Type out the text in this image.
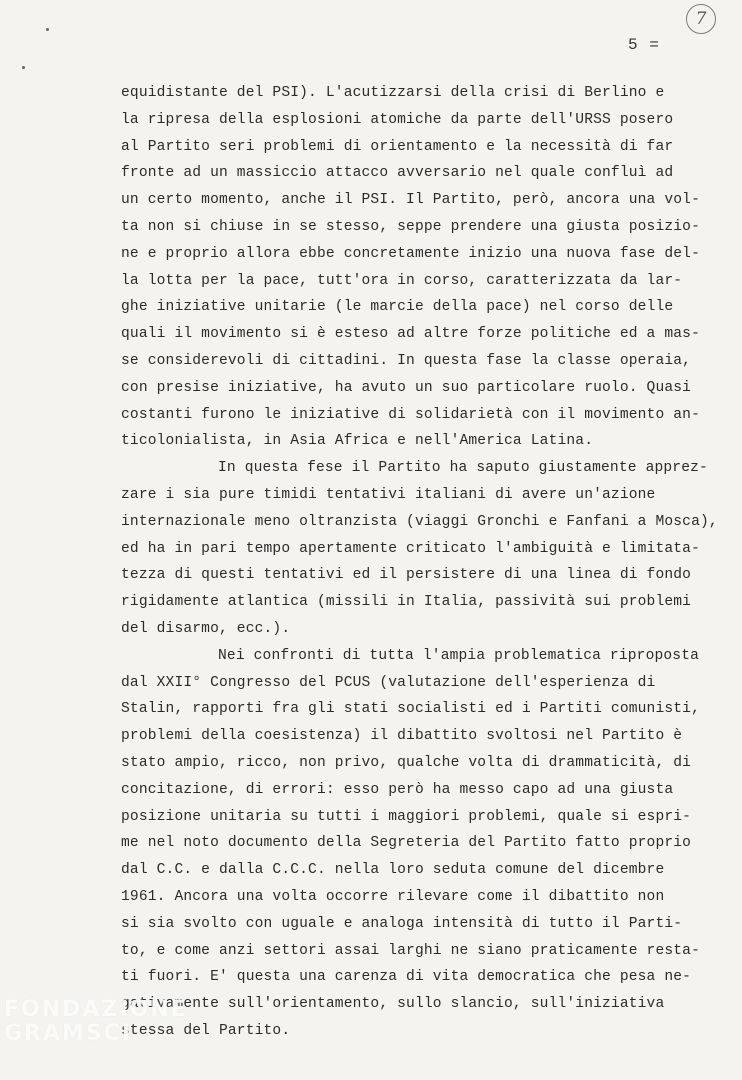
7
5 =
equidistante del PSI). L'acutizzarsi della crisi di Berlino e
la ripresa della esplosioni atomiche da parte dell'URSS posero
al Partito seri problemi di orientamento e la necessità di far
fronte ad un massiccio attacco avversario nel quale confluì ad
un certo momento, anche il PSI. Il Partito, però, ancora una vol-
ta non si chiuse in se stesso, seppe prendere una giusta posizio-
ne e proprio allora ebbe concretamente inizio una nuova fase del-
la lotta per la pace, tutt'ora in corso, caratterizzata da lar-
ghe iniziative unitarie (le marcie della pace) nel corso delle
quali il movimento si è esteso ad altre forze politiche ed a mas-
se considerevoli di cittadini. In questa fase la classe operaia,
con presise iniziative, ha avuto un suo particolare ruolo. Quasi
costanti furono le iniziative di solidarietà con il movimento an-
ticolonialista, in Asia Africa e nell'America Latina.
In questa fese il Partito ha saputo giustamente apprez-
zare i sia pure timidi tentativi italiani di avere un'azione
internazionale meno oltranzista (viaggi Gronchi e Fanfani a Mosca),
ed ha in pari tempo apertamente criticato l'ambiguità e limitata-
tezza di questi tentativi ed il persistere di una linea di fondo
rigidamente atlantica (missili in Italia, passività sui problemi
del disarmo, ecc.).
Nei confronti di tutta l'ampia problematica riproposta
dal XXII° Congresso del PCUS (valutazione dell'esperienza di
Stalin, rapporti fra gli stati socialisti ed i Partiti comunisti,
problemi della coesistenza) il dibattito svoltosi nel Partito è
stato ampio, ricco, non privo, qualche volta di drammaticità, di
concitazione, di errori: esso però ha messo capo ad una giusta
posizione unitaria su tutti i maggiori problemi, quale si espri-
me nel noto documento della Segreteria del Partito fatto proprio
dal C.C. e dalla C.C.C. nella loro seduta comune del dicembre
1961. Ancora una volta occorre rilevare come il dibattito non
si sia svolto con uguale e analoga intensità di tutto il Parti-
to, e come anzi settori assai larghi ne siano praticamente resta-
ti fuori. E' questa una carenza di vita democratica che pesa ne-
gativamente sull'orientamento, sullo slancio, sull'iniziativa
stessa del Partito.
FONDAZIONE
GRAMSCI
